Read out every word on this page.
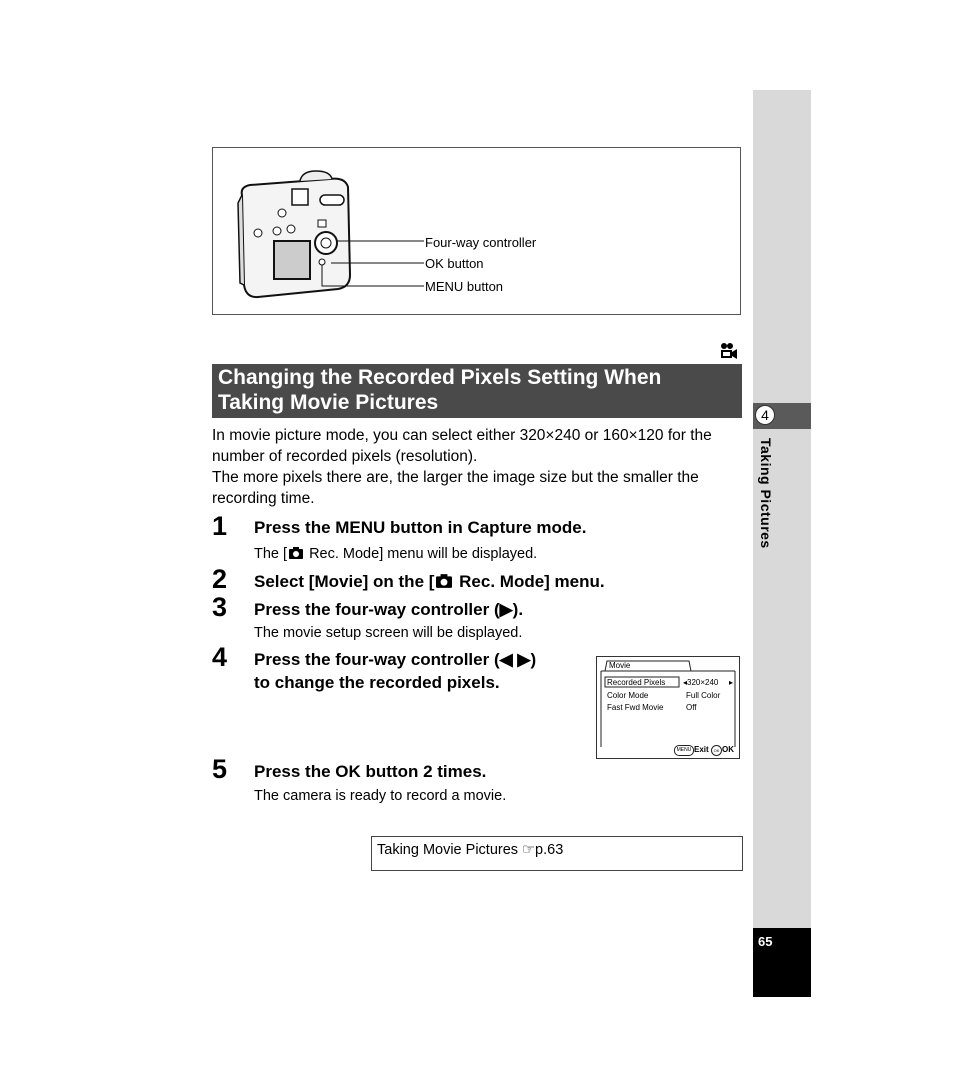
4
Taking Pictures
65
Four-way controller
OK button
MENU button
Changing the Recorded Pixels Setting When
Taking Movie Pictures
In movie picture mode, you can select either 320×240 or 160×120 for the
number of recorded pixels (resolution).
The more pixels there are, the larger the image size but the smaller the
recording time.
1 Press the MENU button in Capture mode.
The [ Rec. Mode] menu will be displayed.
2 Select [Movie] on the [ Rec. Mode] menu.
3 Press the four-way controller (▶).
The movie setup screen will be displayed.
4 Press the four-way controller (◀ ▶)
to change the recorded pixels.
Movie
Recorded Pixels ◂320×240 ▸
Color Mode	Full Color
Fast Fwd Movie	Off
MENU Exit	OK OK
5 Press the OK button 2 times.
The camera is ready to record a movie.
Taking Movie Pictures ☞p.63
